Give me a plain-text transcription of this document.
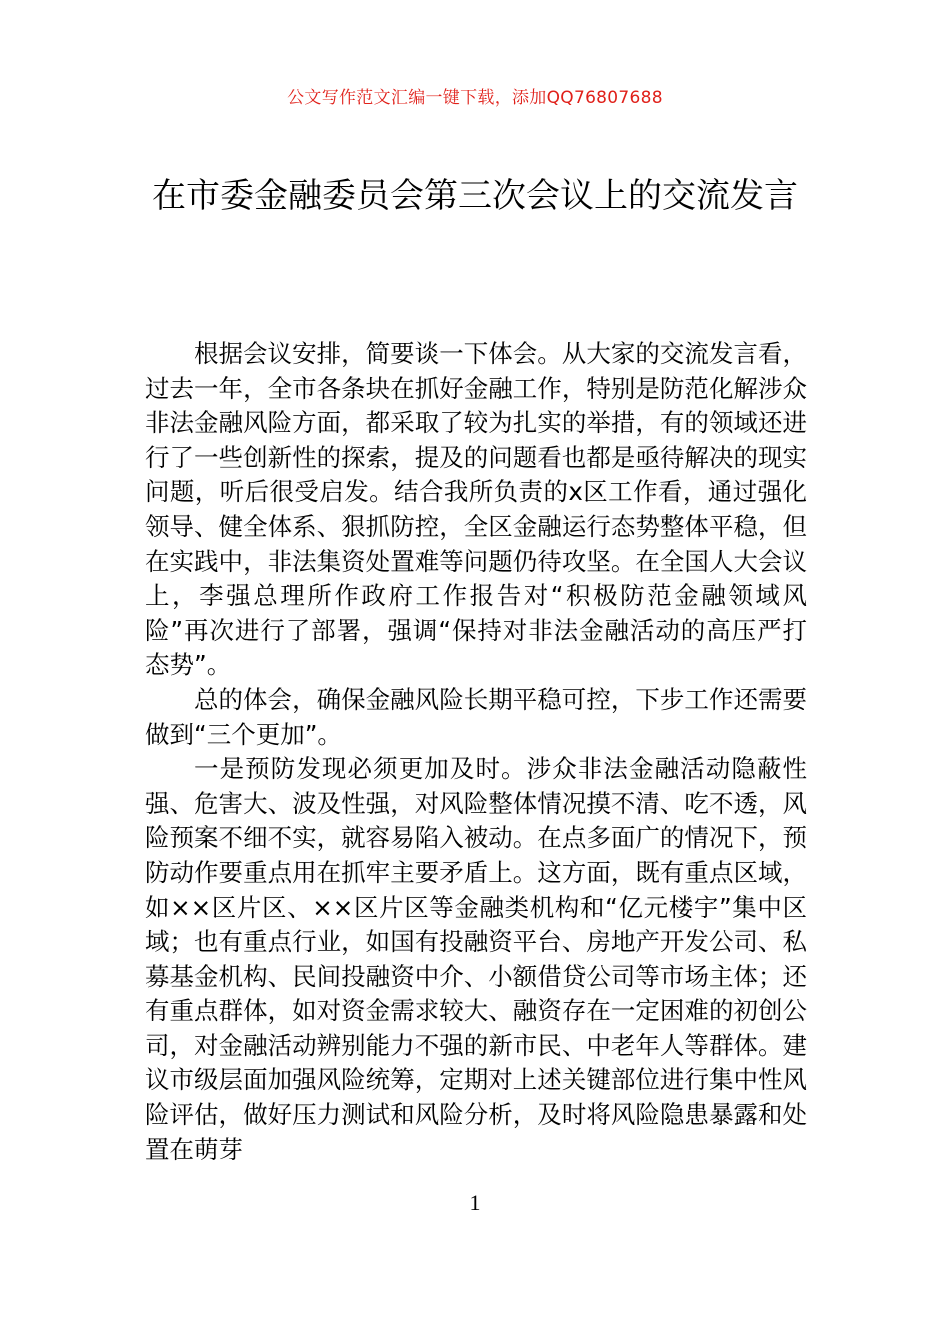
公文写作范文汇编一键下载，添加QQ76807688
在市委金融委员会第三次会议上的交流发言

根据会议安排，简要谈一下体会。从大家的交流发言看，过去一年，全市各条块在抓好金融工作，特别是防范化解涉众非法金融风险方面，都采取了较为扎实的举措，有的领域还进行了一些创新性的探索，提及的问题看也都是亟待解决的现实问题，听后很受启发。结合我所负责的x区工作看，通过强化领导、健全体系、狠抓防控，全区金融运行态势整体平稳，但在实践中，非法集资处置难等问题仍待攻坚。在全国人大会议上，李强总理所作政府工作报告对“积极防范金融领域风险”再次进行了部署，强调“保持对非法金融活动的高压严打态势”。

总的体会，确保金融风险长期平稳可控，下步工作还需要做到“三个更加”。

一是预防发现必须更加及时。涉众非法金融活动隐蔽性强、危害大、波及性强，对风险整体情况摸不清、吃不透，风险预案不细不实，就容易陷入被动。在点多面广的情况下，预防动作要重点用在抓牢主要矛盾上。这方面，既有重点区域，如××区片区、××区片区等金融类机构和“亿元楼宇”集中区域；也有重点行业，如国有投融资平台、房地产开发公司、私募基金机构、民间投融资中介、小额借贷公司等市场主体；还有重点群体，如对资金需求较大、融资存在一定困难的初创公司，对金融活动辨别能力不强的新市民、中老年人等群体。建议市级层面加强风险统筹，定期对上述关键部位进行集中性风险评估，做好压力测试和风险分析，及时将风险隐患暴露和处置在萌芽

1
